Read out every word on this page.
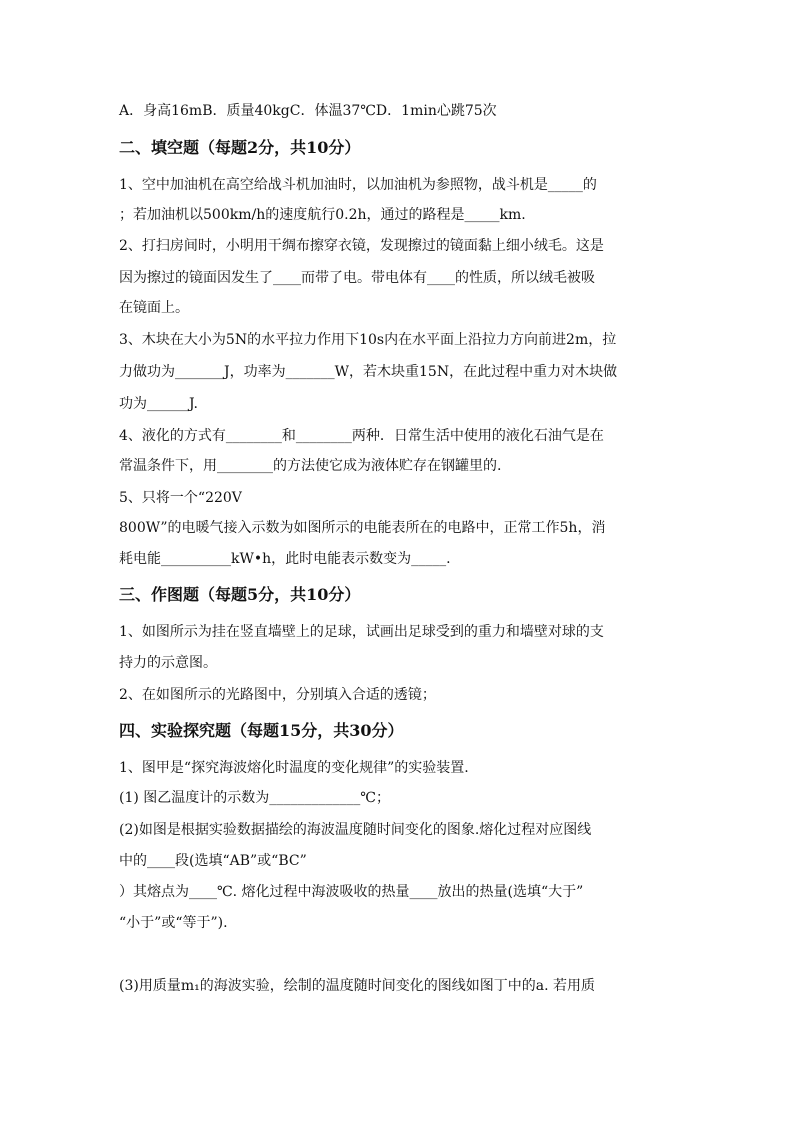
A．身高16mB．质量40kgC．体温37℃D．1min心跳75次
二、填空题（每题2分，共10分）
1、空中加油机在高空给战斗机加油时，以加油机为参照物，战斗机是_____的
；若加油机以500km/h的速度航行0.2h，通过的路程是_____km.
2、打扫房间时，小明用干绸布擦穿衣镜，发现擦过的镜面黏上细小绒毛。这是
因为擦过的镜面因发生了____而带了电。带电体有____的性质，所以绒毛被吸
在镜面上。
3、木块在大小为5N的水平拉力作用下10s内在水平面上沿拉力方向前进2m，拉
力做功为_______J，功率为_______W，若木块重15N，在此过程中重力对木块做
功为______J.
4、液化的方式有________和________两种．日常生活中使用的液化石油气是在
常温条件下，用________的方法使它成为液体贮存在钢罐里的.
5、只将一个“220V
800W”的电暖气接入示数为如图所示的电能表所在的电路中，正常工作5h，消
耗电能__________kW•h，此时电能表示数变为_____.
三、作图题（每题5分，共10分）
1、如图所示为挂在竖直墙壁上的足球，试画出足球受到的重力和墙壁对球的支
持力的示意图。
2、在如图所示的光路图中，分别填入合适的透镜；
四、实验探究题（每题15分，共30分）
1、图甲是“探究海波熔化时温度的变化规律”的实验装置.
(1) 图乙温度计的示数为_____________℃；
(2)如图是根据实验数据描绘的海波温度随时间变化的图象.熔化过程对应图线
中的____段(选填“AB”或“BC”
）其熔点为____℃. 熔化过程中海波吸收的热量____放出的热量(选填“大于”
“小于”或“等于”).
(3)用质量m₁的海波实验，绘制的温度随时间变化的图线如图丁中的a. 若用质
